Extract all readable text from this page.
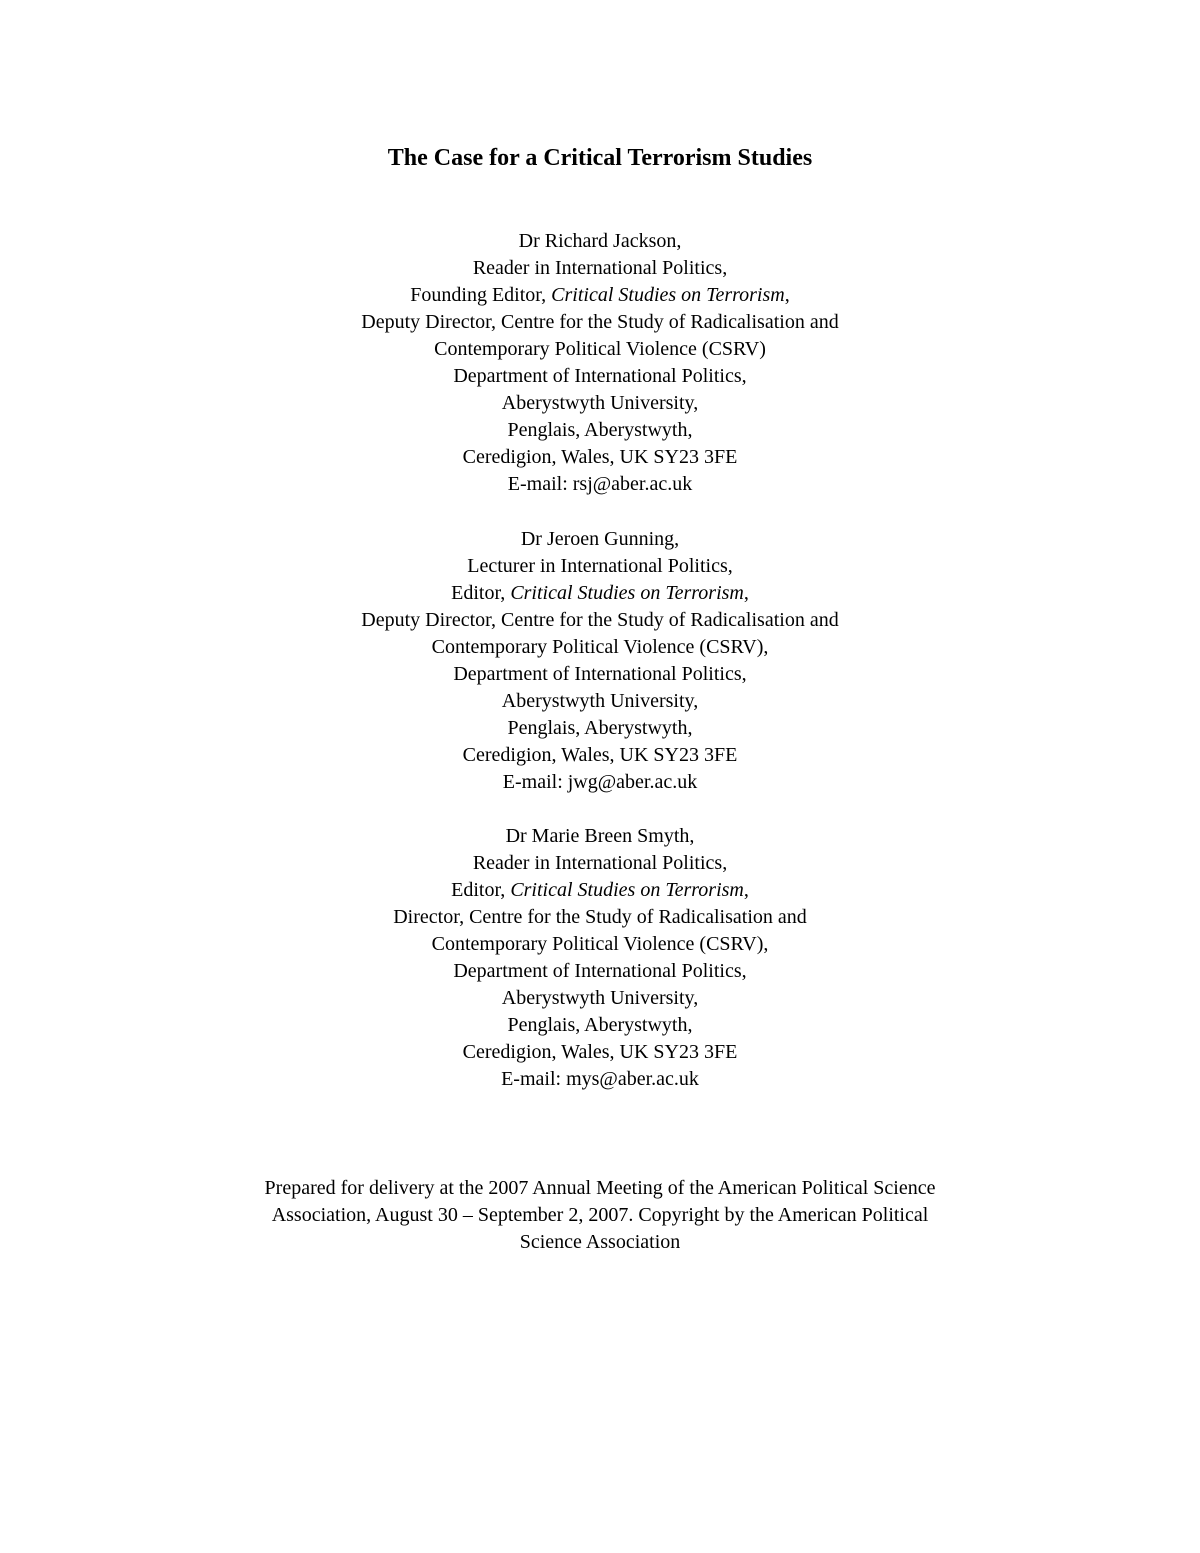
The Case for a Critical Terrorism Studies
Dr Richard Jackson,
Reader in International Politics,
Founding Editor, Critical Studies on Terrorism,
Deputy Director, Centre for the Study of Radicalisation and
Contemporary Political Violence (CSRV)
Department of International Politics,
Aberystwyth University,
Penglais, Aberystwyth,
Ceredigion, Wales, UK SY23 3FE
E-mail: rsj@aber.ac.uk
Dr Jeroen Gunning,
Lecturer in International Politics,
Editor, Critical Studies on Terrorism,
Deputy Director, Centre for the Study of Radicalisation and
Contemporary Political Violence (CSRV),
Department of International Politics,
Aberystwyth University,
Penglais, Aberystwyth,
Ceredigion, Wales, UK SY23 3FE
E-mail: jwg@aber.ac.uk
Dr Marie Breen Smyth,
Reader in International Politics,
Editor, Critical Studies on Terrorism,
Director, Centre for the Study of Radicalisation and
Contemporary Political Violence (CSRV),
Department of International Politics,
Aberystwyth University,
Penglais, Aberystwyth,
Ceredigion, Wales, UK SY23 3FE
E-mail: mys@aber.ac.uk
Prepared for delivery at the 2007 Annual Meeting of the American Political Science
Association, August 30 – September 2, 2007. Copyright by the American Political
Science Association
